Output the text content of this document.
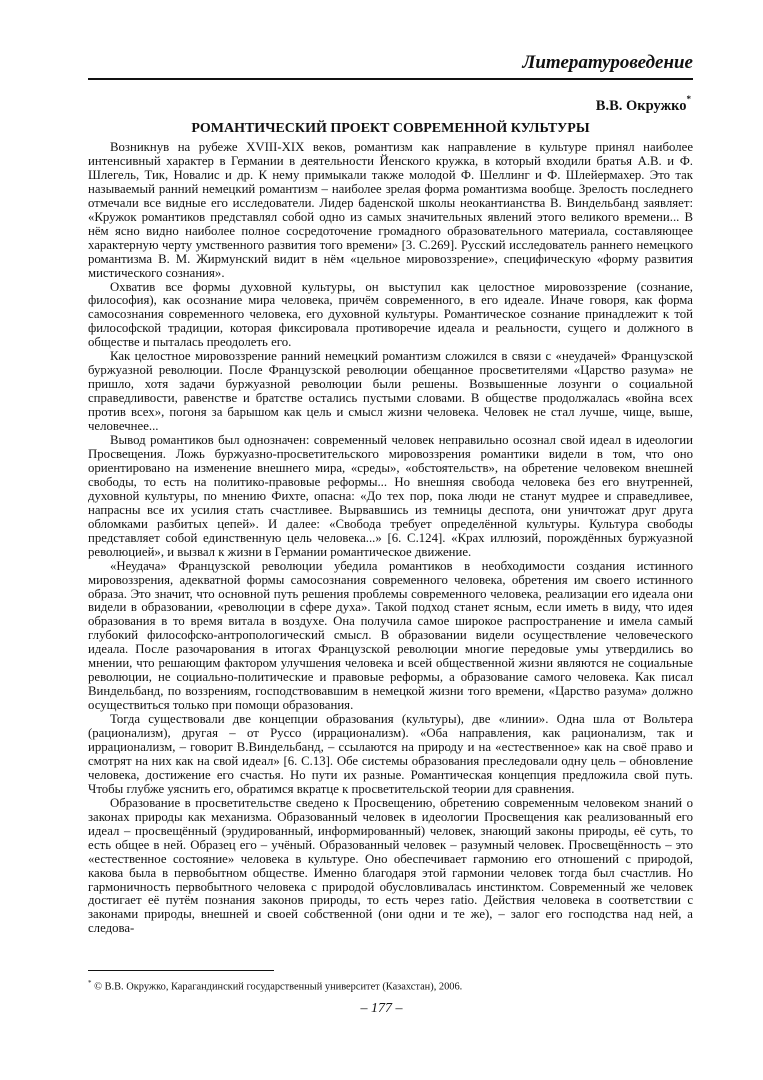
Литературоведение
В.В. Окружко*
РОМАНТИЧЕСКИЙ ПРОЕКТ СОВРЕМЕННОЙ КУЛЬТУРЫ

Возникнув на рубеже XVIII-XIX веков, романтизм как направление в культуре принял наиболее интенсивный характер в Германии в деятельности Йенского кружка, в который входили братья А.В. и Ф. Шлегель, Тик, Новалис и др. К нему примыкали также молодой Ф. Шеллинг и Ф. Шлейермахер. Это так называемый ранний немецкий романтизм – наиболее зрелая форма романтизма вообще. Зрелость последнего отмечали все видные его исследователи. Лидер баденской школы неокантианства В. Виндельбанд заявляет: «Кружок романтиков представлял собой одно из самых значительных явлений этого великого времени... В нём ясно видно наиболее полное сосредоточение громадного образовательного материала, составляющее характерную черту умственного развития того времени» [3. С.269]. Русский исследователь раннего немецкого романтизма В. М. Жирмунский видит в нём «цельное мировоззрение», специфическую «форму развития мистического сознания».

Охватив все формы духовной культуры, он выступил как целостное мировоззрение (сознание, философия), как осознание мира человека, причём современного, в его идеале. Иначе говоря, как форма самосознания современного человека, его духовной культуры. Романтическое сознание принадлежит к той философской традиции, которая фиксировала противоречие идеала и реальности, сущего и должного в обществе и пыталась преодолеть его.

Как целостное мировоззрение ранний немецкий романтизм сложился в связи с «неудачей» Французской буржуазной революции. После Французской революции обещанное просветителями «Царство разума» не пришло, хотя задачи буржуазной революции были решены. Возвышенные лозунги о социальной справедливости, равенстве и братстве остались пустыми словами. В обществе продолжалась «война всех против всех», погоня за барышом как цель и смысл жизни человека. Человек не стал лучше, чище, выше, человечнее...

Вывод романтиков был однозначен: современный человек неправильно осознал свой идеал в идеологии Просвещения. Ложь буржуазно-просветительского мировоззрения романтики видели в том, что оно ориентировано на изменение внешнего мира, «среды», «обстоятельств», на обретение человеком внешней свободы, то есть на политико-правовые реформы... Но внешняя свобода человека без его внутренней, духовной культуры, по мнению Фихте, опасна: «До тех пор, пока люди не станут мудрее и справедливее, напрасны все их усилия стать счастливее. Вырвавшись из темницы деспота, они уничтожат друг друга обломками разбитых цепей». И далее: «Свобода требует определённой культуры. Культура свободы представляет собой единственную цель человека...» [6. С.124]. «Крах иллюзий, порождённых буржуазной революцией», и вызвал к жизни в Германии романтическое движение.

«Неудача» Французской революции убедила романтиков в необходимости создания истинного мировоззрения, адекватной формы самосознания современного человека, обретения им своего истинного образа. Это значит, что основной путь решения проблемы современного человека, реализации его идеала они видели в образовании, «революции в сфере духа». Такой подход станет ясным, если иметь в виду, что идея образования в то время витала в воздухе. Она получила самое широкое распространение и имела самый глубокий философско-антропологический смысл. В образовании видели осуществление человеческого идеала. После разочарования в итогах Французской революции многие передовые умы утвердились во мнении, что решающим фактором улучшения человека и всей общественной жизни являются не социальные революции, не социально-политические и правовые реформы, а образование самого человека. Как писал Виндельбанд, по воззрениям, господствовавшим в немецкой жизни того времени, «Царство разума» должно осуществиться только при помощи образования.

Тогда существовали две концепции образования (культуры), две «линии». Одна шла от Вольтера (рационализм), другая – от Руссо (иррационализм). «Оба направления, как рационализм, так и иррационализм, – говорит В.Виндельбанд, – ссылаются на природу и на «естественное» как на своё право и смотрят на них как на свой идеал» [6. С.13]. Обе системы образования преследовали одну цель – обновление человека, достижение его счастья. Но пути их разные. Романтическая концепция предложила свой путь. Чтобы глубже уяснить его, обратимся вкратце к просветительской теории для сравнения.

Образование в просветительстве сведено к Просвещению, обретению современным человеком знаний о законах природы как механизма. Образованный человек в идеологии Просвещения как реализованный его идеал – просвещённый (эрудированный, информированный) человек, знающий законы природы, её суть, то есть общее в ней. Образец его – учёный. Образованный человек – разумный человек. Просвещённость – это «естественное состояние» человека в культуре. Оно обеспечивает гармонию его отношений с природой, какова была в первобытном обществе. Именно благодаря этой гармонии человек тогда был счастлив. Но гармоничность первобытного человека с природой обусловливалась инстинктом. Современный же человек достигает её путём познания законов природы, то есть через ratio. Действия человека в соответствии с законами природы, внешней и своей собственной (они одни и те же), – залог его господства над ней, а следова-

* © В.В. Окружко, Карагандинский государственный университет (Казахстан), 2006.
– 177 –
